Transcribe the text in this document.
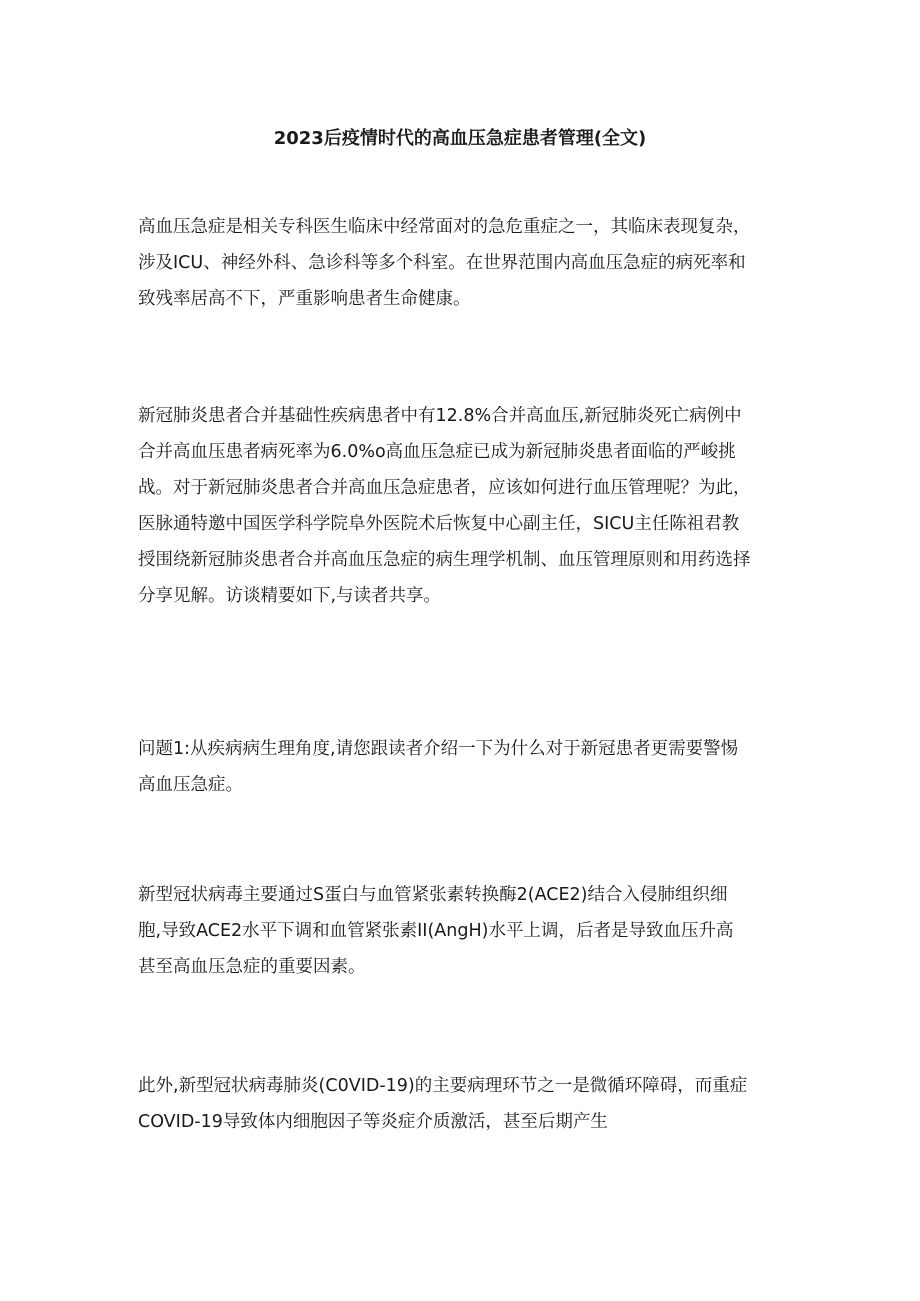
2023后疫情时代的高血压急症患者管理(全文)

高血压急症是相关专科医生临床中经常面对的急危重症之一，其临床表现复杂，
涉及ICU、神经外科、急诊科等多个科室。在世界范围内高血压急症的病死率和
致残率居高不下，严重影响患者生命健康。

新冠肺炎患者合并基础性疾病患者中有12.8%合并高血压,新冠肺炎死亡病例中
合并高血压患者病死率为6.0%o高血压急症已成为新冠肺炎患者面临的严峻挑
战。对于新冠肺炎患者合并高血压急症患者，应该如何进行血压管理呢？为此，
医脉通特邀中国医学科学院阜外医院术后恢复中心副主任，SICU主任陈祖君教
授围绕新冠肺炎患者合并高血压急症的病生理学机制、血压管理原则和用药选择
分享见解。访谈精要如下,与读者共享。

问题1:从疾病病生理角度,请您跟读者介绍一下为什么对于新冠患者更需要警惕
高血压急症。

新型冠状病毒主要通过S蛋白与血管紧张素转换酶2(ACE2)结合入侵肺组织细
胞,导致ACE2水平下调和血管紧张素II(AngH)水平上调，后者是导致血压升高
甚至高血压急症的重要因素。

此外,新型冠状病毒肺炎(C0VID-19)的主要病理环节之一是微循环障碍，而重症
COVID-19导致体内细胞因子等炎症介质激活，甚至后期产生
